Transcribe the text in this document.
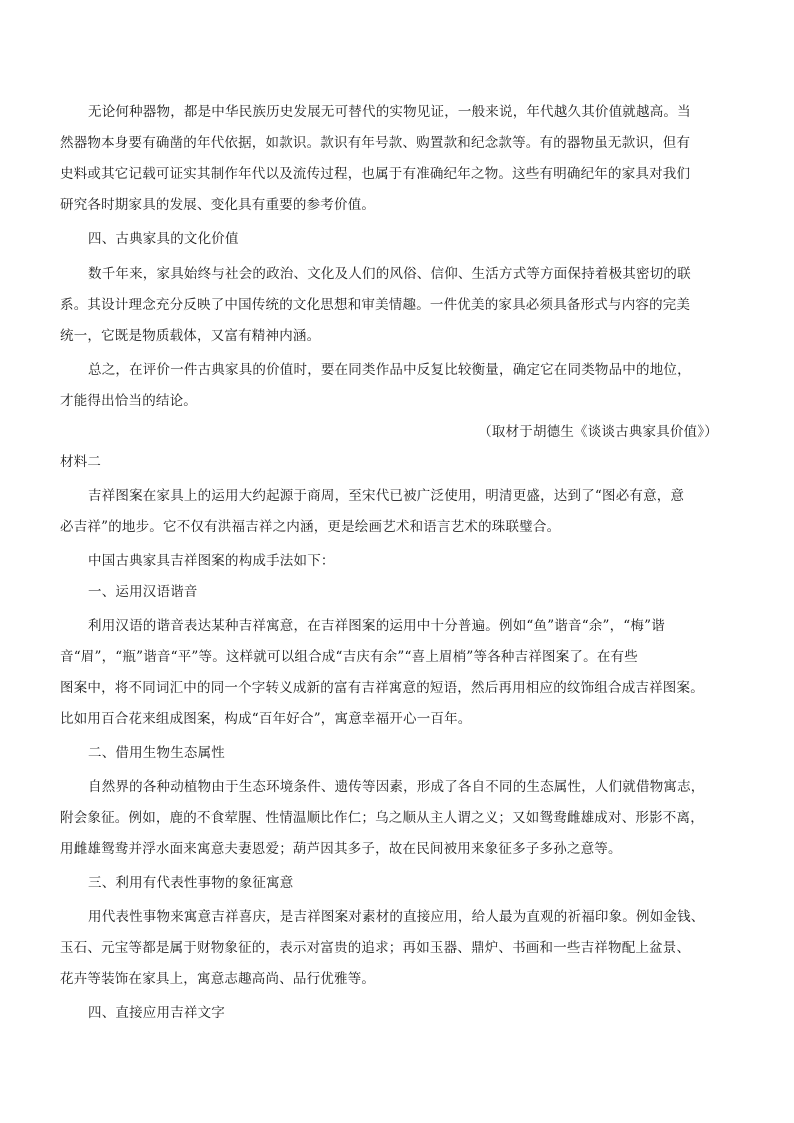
无论何种器物，都是中华民族历史发展无可替代的实物见证，一般来说，年代越久其价值就越高。当
然器物本身要有确凿的年代依据，如款识。款识有年号款、购置款和纪念款等。有的器物虽无款识，但有
史料或其它记载可证实其制作年代以及流传过程，也属于有准确纪年之物。这些有明确纪年的家具对我们
研究各时期家具的发展、变化具有重要的参考价值。
四、古典家具的文化价值
数千年来，家具始终与社会的政治、文化及人们的风俗、信仰、生活方式等方面保持着极其密切的联
系。其设计理念充分反映了中国传统的文化思想和审美情趣。一件优美的家具必须具备形式与内容的完美
统一，它既是物质载体，又富有精神内涵。
总之，在评价一件古典家具的价值时，要在同类作品中反复比较衡量，确定它在同类物品中的地位，
才能得出恰当的结论。
（取材于胡德生《谈谈古典家具价值》）
材料二
吉祥图案在家具上的运用大约起源于商周，至宋代已被广泛使用，明清更盛，达到了“图必有意，意
必吉祥”的地步。它不仅有洪福吉祥之内涵，更是绘画艺术和语言艺术的珠联璧合。
中国古典家具吉祥图案的构成手法如下：
一、运用汉语谐音
利用汉语的谐音表达某种吉祥寓意，在吉祥图案的运用中十分普遍。例如“鱼”谐音“余”，“梅”谐
音“眉”，“瓶”谐音“平”等。这样就可以组合成“吉庆有余”“喜上眉梢”等各种吉祥图案了。在有些
图案中，将不同词汇中的同一个字转义成新的富有吉祥寓意的短语，然后再用相应的纹饰组合成吉祥图案。
比如用百合花来组成图案，构成“百年好合”，寓意幸福开心一百年。
二、借用生物生态属性
自然界的各种动植物由于生态环境条件、遗传等因素，形成了各自不同的生态属性，人们就借物寓志，
附会象征。例如，鹿的不食荤腥、性情温顺比作仁；乌之顺从主人谓之义；又如鸳鸯雌雄成对、形影不离，
用雌雄鸳鸯并浮水面来寓意夫妻恩爱；葫芦因其多子，故在民间被用来象征多子多孙之意等。
三、利用有代表性事物的象征寓意
用代表性事物来寓意吉祥喜庆，是吉祥图案对素材的直接应用，给人最为直观的祈福印象。例如金钱、
玉石、元宝等都是属于财物象征的，表示对富贵的追求；再如玉器、鼎炉、书画和一些吉祥物配上盆景、
花卉等装饰在家具上，寓意志趣高尚、品行优雅等。
四、直接应用吉祥文字
